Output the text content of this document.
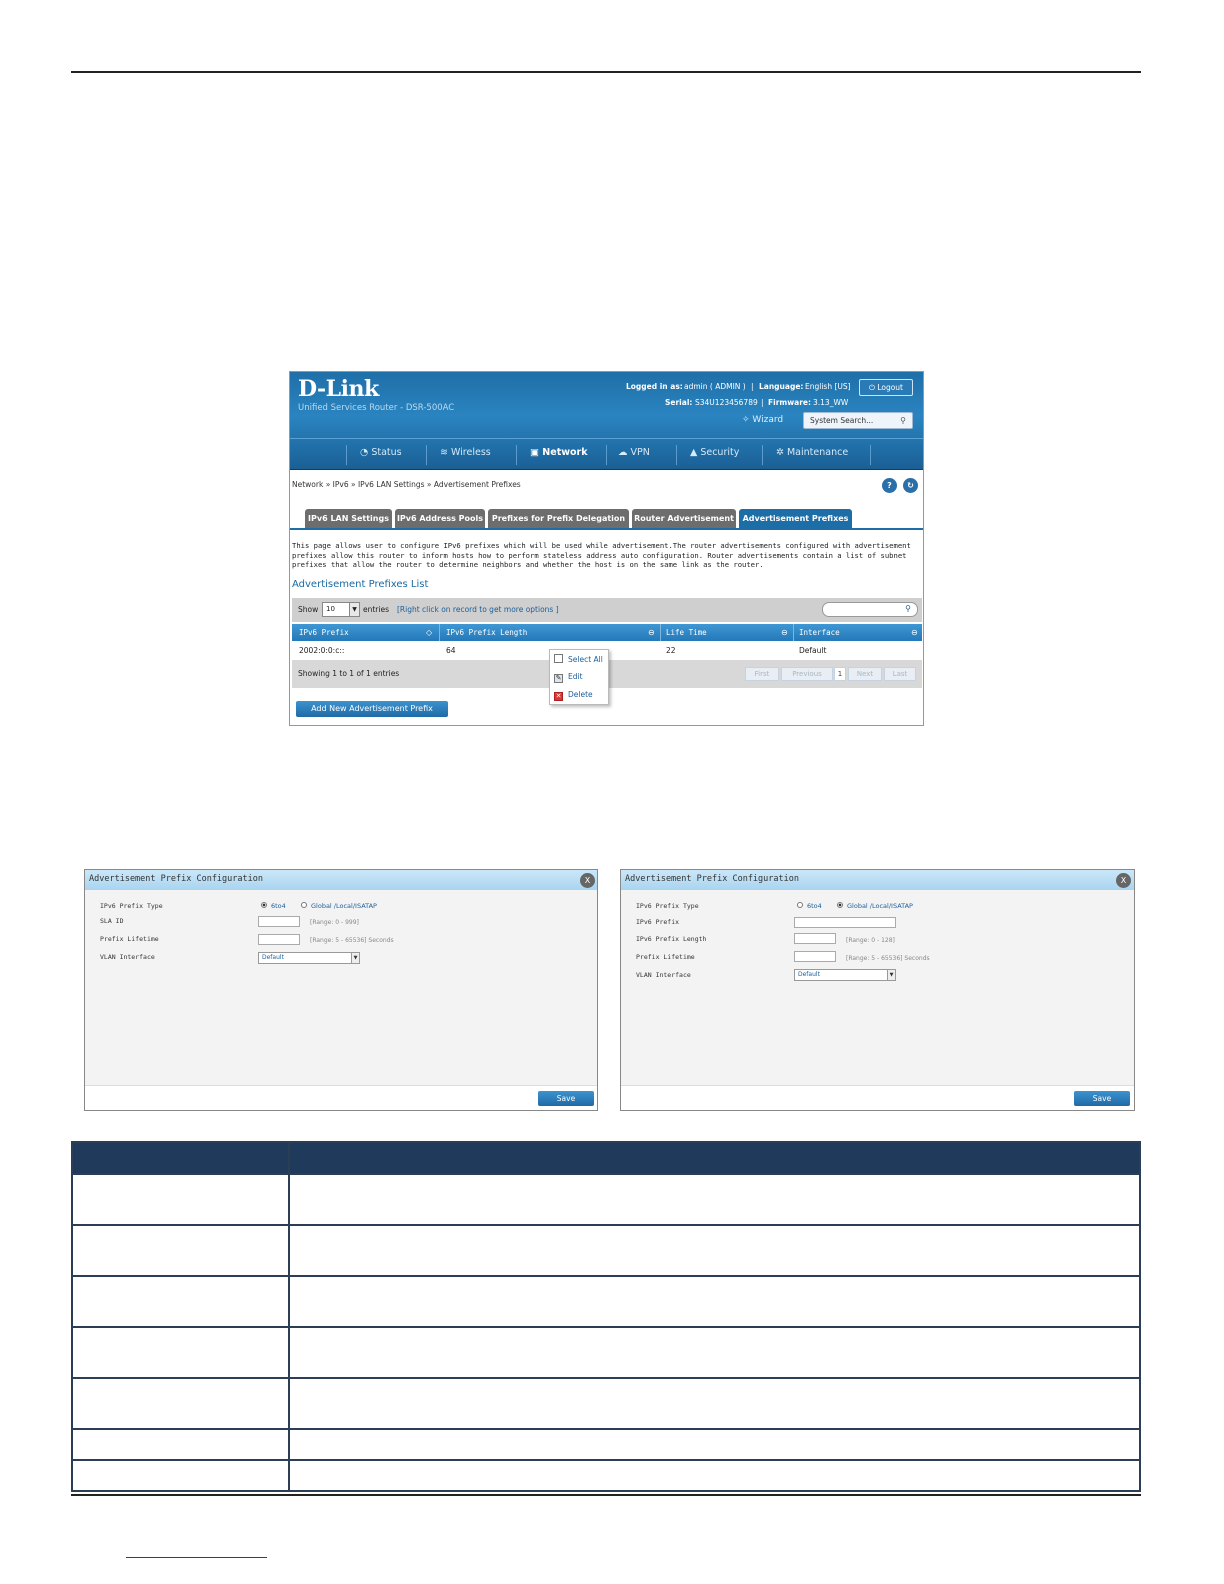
D-Link
Unified Services Router - DSR-500AC
Logged in as: admin ( ADMIN ) | Language: English [US]	⏻ Logout
Serial: S34U123456789 | Firmware: 3.13_WW
✧ Wizard	System Search...	⚲
◔ Status	≋ Wireless	▣ Network	☁ VPN	▲ Security	✲ Maintenance
Network » IPv6 » IPv6 LAN Settings » Advertisement Prefixes	?	↻
IPv6 LAN Settings IPv6 Address Pools	Prefixes for Prefix Delegation	Router Advertisement	Advertisement Prefixes
This page allows user to configure IPv6 prefixes which will be used while advertisement.The router advertisements configured with advertisement prefixes allow this router to inform hosts how to perform stateless address auto configuration. Router advertisements contain a list of subnet prefixes that allow the router to determine neighbors and whether the host is on the same link as the router.
Advertisement Prefixes List
Show	10	▼ entries [Right click on record to get more options ]	⚲
IPv6 Prefix	◇ IPv6 Prefix Length	⊖ Life Time	⊖ Interface	⊖
2002:0:0:c::	64	22	Default
Showing 1 to 1 of 1 entries	First	Previous	1	Next	Last
Add New Advertisement Prefix
Select All
✎ Edit
✕ Delete
Advertisement Prefix Configuration	X
IPv6 Prefix Type	6to4	Global /Local/ISATAP
SLA ID	[Range: 0 - 999]
Prefix Lifetime	[Range: 5 - 65536] Seconds
VLAN Interface	Default	▼
Save
Advertisement Prefix Configuration	X
IPv6 Prefix Type	6to4	Global /Local/ISATAP
IPv6 Prefix
IPv6 Prefix Length	[Range: 0 - 128]
Prefix Lifetime	[Range: 5 - 65536] Seconds
VLAN Interface	Default	▼
Save
